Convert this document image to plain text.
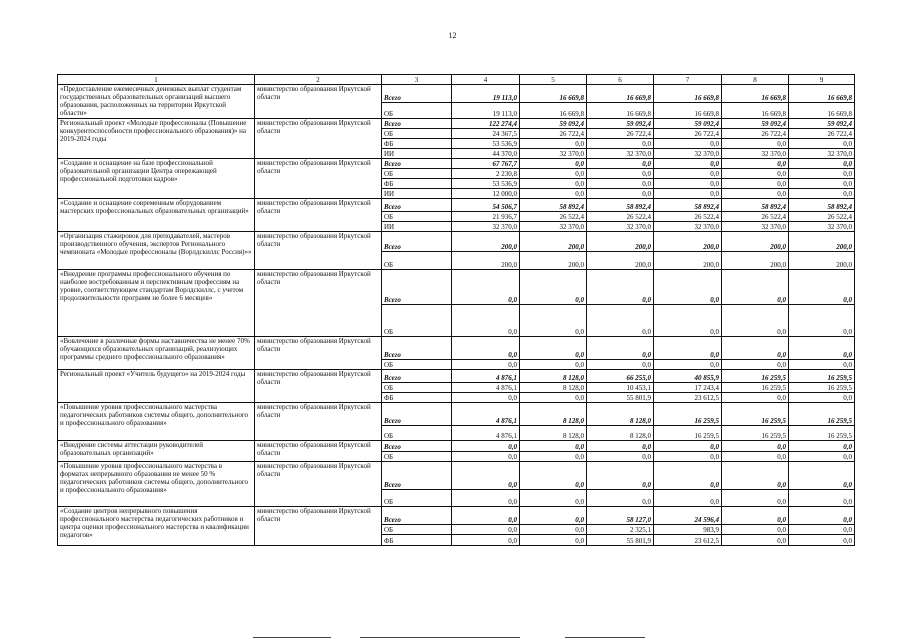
12
1	2	3	4	5	6	7	8	9
«Предоставление ежемесячных денежных выплат студентам государственных образовательных организаций высшего образования, расположенных на территории Иркутской области»	министерство образования Иркутской области	Всего	19 113,0	16 669,8	16 669,8	16 669,8	16 669,8	16 669,8
		ОБ	19 113,0	16 669,8	16 669,8	16 669,8	16 669,8	16 669,8
Региональный проект «Молодые профессионалы (Повышение конкурентоспособности профессионального образования)» на 2019-2024 годы	министерство образования Иркутской области	Всего	122 274,4	59 092,4	59 092,4	59 092,4	59 092,4	59 092,4
		ОБ	24 367,5	26 722,4	26 722,4	26 722,4	26 722,4	26 722,4
		ФБ	53 536,9	0,0	0,0	0,0	0,0	0,0
		ИИ	44 370,0	32 370,0	32 370,0	32 370,0	32 370,0	32 370,0
«Создание и оснащение на базе профессиональной образовательной организации Центра опережающей профессиональной подготовки кадров»	министерство образования Иркутской области	Всего	67 767,7	0,0	0,0	0,0	0,0	0,0
		ОБ	2 230,8	0,0	0,0	0,0	0,0	0,0
		ФБ	53 536,9	0,0	0,0	0,0	0,0	0,0
		ИИ	12 000,0	0,0	0,0	0,0	0,0	0,0
«Создание и оснащение современным оборудованием мастерских профессиональных образовательных организаций»	министерство образования Иркутской области	Всего	54 506,7	58 892,4	58 892,4	58 892,4	58 892,4	58 892,4
		ОБ	21 936,7	26 522,4	26 522,4	26 522,4	26 522,4	26 522,4
		ИИ	32 370,0	32 370,0	32 370,0	32 370,0	32 370,0	32 370,0
«Организация стажировок для преподавателей, мастеров производственного обучения, экспертов Регионального чемпионата «Молодые профессионалы (Ворлдскиллс Россия)»»	министерство образования Иркутской области	Всего	200,0	200,0	200,0	200,0	200,0	200,0
		ОБ	200,0	200,0	200,0	200,0	200,0	200,0
«Внедрение программы профессионального обучения по наиболее востребованным и перспективным профессиям на уровне, соответствующем стандартам Ворлдскиллс, с учетом продолжительности программ не более 6 месяцев»	министерство образования Иркутской области	Всего	0,0	0,0	0,0	0,0	0,0	0,0
		ОБ	0,0	0,0	0,0	0,0	0,0	0,0
«Вовлечение в различные формы наставничества не менее 70% обучающихся образовательных организаций, реализующих программы среднего профессионального образования»	министерство образования Иркутской области	Всего	0,0	0,0	0,0	0,0	0,0	0,0
		ОБ	0,0	0,0	0,0	0,0	0,0	0,0
Региональный проект «Учитель будущего» на 2019-2024 годы	министерство образования Иркутской области	Всего	4 876,1	8 128,0	66 255,0	40 855,9	16 259,5	16 259,5
		ОБ	4 876,1	8 128,0	10 453,1	17 243,4	16 259,5	16 259,5
		ФБ	0,0	0,0	55 801,9	23 612,5	0,0	0,0
«Повышение уровня профессионального мастерства педагогических работников системы общего, дополнительного и профессионального образования»	министерство образования Иркутской области	Всего	4 876,1	8 128,0	8 128,0	16 259,5	16 259,5	16 259,5
		ОБ	4 876,1	8 128,0	8 128,0	16 259,5	16 259,5	16 259,5
«Внедрение системы аттестации руководителей образовательных организаций»	министерство образования Иркутской области	Всего	0,0	0,0	0,0	0,0	0,0	0,0
		ОБ	0,0	0,0	0,0	0,0	0,0	0,0
«Повышение уровня профессионального мастерства в форматах непрерывного образования не менее 50 % педагогических работников системы общего, дополнительного и профессионального образования»	министерство образования Иркутской области	Всего	0,0	0,0	0,0	0,0	0,0	0,0
		ОБ	0,0	0,0	0,0	0,0	0,0	0,0
«Создание центров непрерывного повышения профессионального мастерства педагогических работников и центра оценки профессионального мастерства и квалификации педагогов»	министерство образования Иркутской области	Всего	0,0	0,0	58 127,0	24 596,4	0,0	0,0
		ОБ	0,0	0,0	2 325,1	983,9	0,0	0,0
		ФБ	0,0	0,0	55 801,9	23 612,5	0,0	0,0
